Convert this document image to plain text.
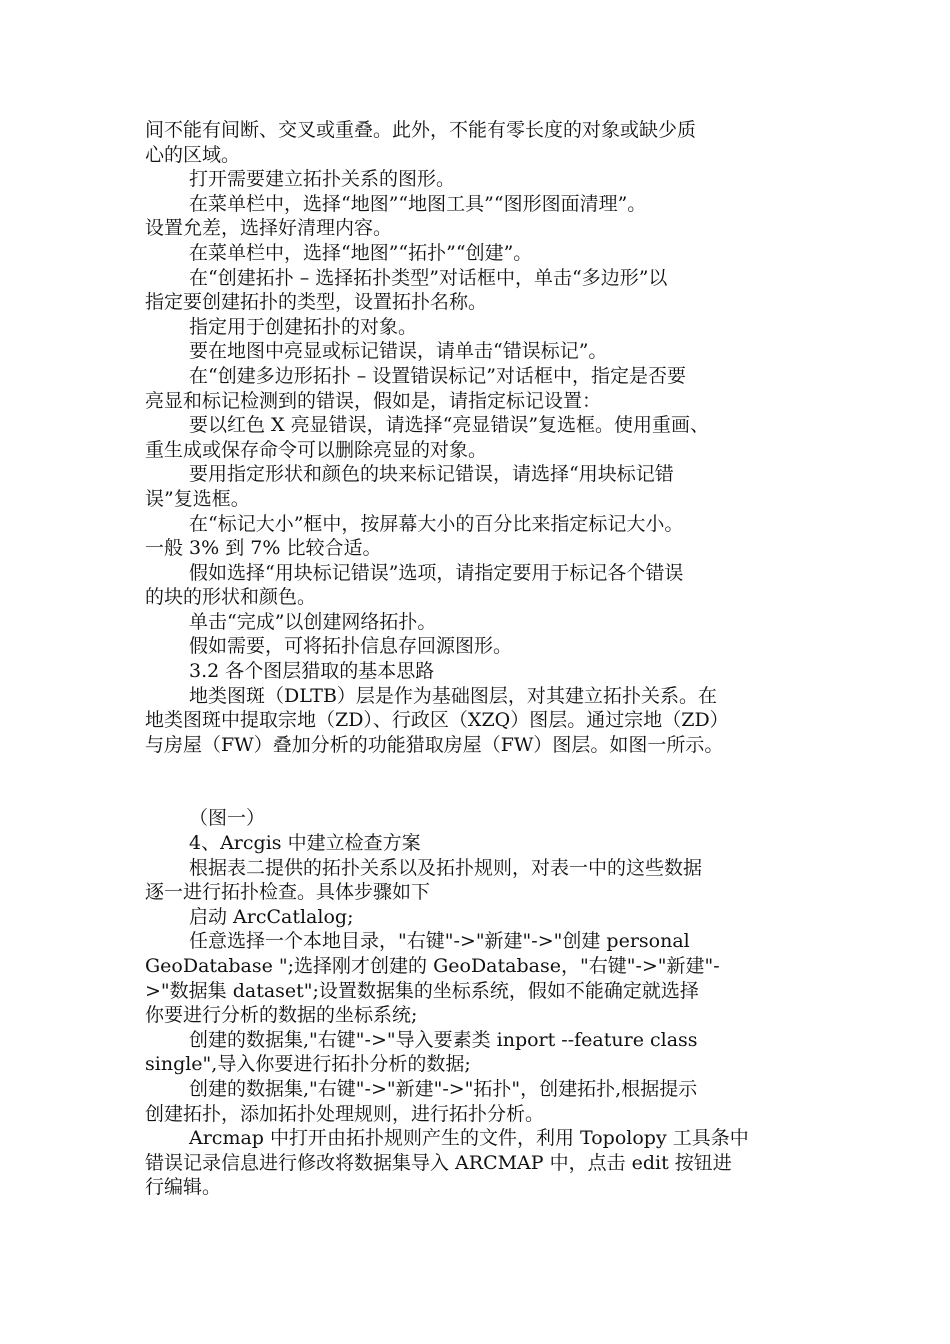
间不能有间断、交叉或重叠。此外，不能有零长度的对象或缺少质
心的区域。
打开需要建立拓扑关系的图形。
在菜单栏中，选择“地图”“地图工具”“图形图面清理”。
设置允差，选择好清理内容。
在菜单栏中，选择“地图”“拓扑”“创建”。
在“创建拓扑 – 选择拓扑类型”对话框中，单击“多边形”以
指定要创建拓扑的类型，设置拓扑名称。
指定用于创建拓扑的对象。
要在地图中亮显或标记错误，请单击“错误标记”。
在“创建多边形拓扑 – 设置错误标记”对话框中，指定是否要
亮显和标记检测到的错误，假如是，请指定标记设置：
要以红色 X 亮显错误，请选择“亮显错误”复选框。使用重画、
重生成或保存命令可以删除亮显的对象。
要用指定形状和颜色的块来标记错误，请选择“用块标记错
误”复选框。
在“标记大小”框中，按屏幕大小的百分比来指定标记大小。
一般 3% 到 7% 比较合适。
假如选择“用块标记错误”选项，请指定要用于标记各个错误
的块的形状和颜色。
单击“完成”以创建网络拓扑。
假如需要，可将拓扑信息存回源图形。
3.2 各个图层猎取的基本思路
地类图斑（DLTB）层是作为基础图层，对其建立拓扑关系。在
地类图斑中提取宗地（ZD）、行政区（XZQ）图层。通过宗地（ZD）
与房屋（FW）叠加分析的功能猎取房屋（FW）图层。如图一所示。
（图一）
4、Arcgis 中建立检查方案
根据表二提供的拓扑关系以及拓扑规则，对表一中的这些数据
逐一进行拓扑检查。具体步骤如下
启动 ArcCatlalog;
任意选择一个本地目录，"右键"->"新建"->"创建 personal
GeoDatabase ";选择刚才创建的 GeoDatabase，"右键"->"新建"-
>"数据集 dataset";设置数据集的坐标系统，假如不能确定就选择
你要进行分析的数据的坐标系统;
创建的数据集,"右键"->"导入要素类 inport --feature class
single",导入你要进行拓扑分析的数据;
创建的数据集,"右键"->"新建"->"拓扑"，创建拓扑,根据提示
创建拓扑，添加拓扑处理规则，进行拓扑分析。
Arcmap 中打开由拓扑规则产生的文件，利用 Topolopy 工具条中
错误记录信息进行修改将数据集导入 ARCMAP 中，点击 edit 按钮进
行编辑。
